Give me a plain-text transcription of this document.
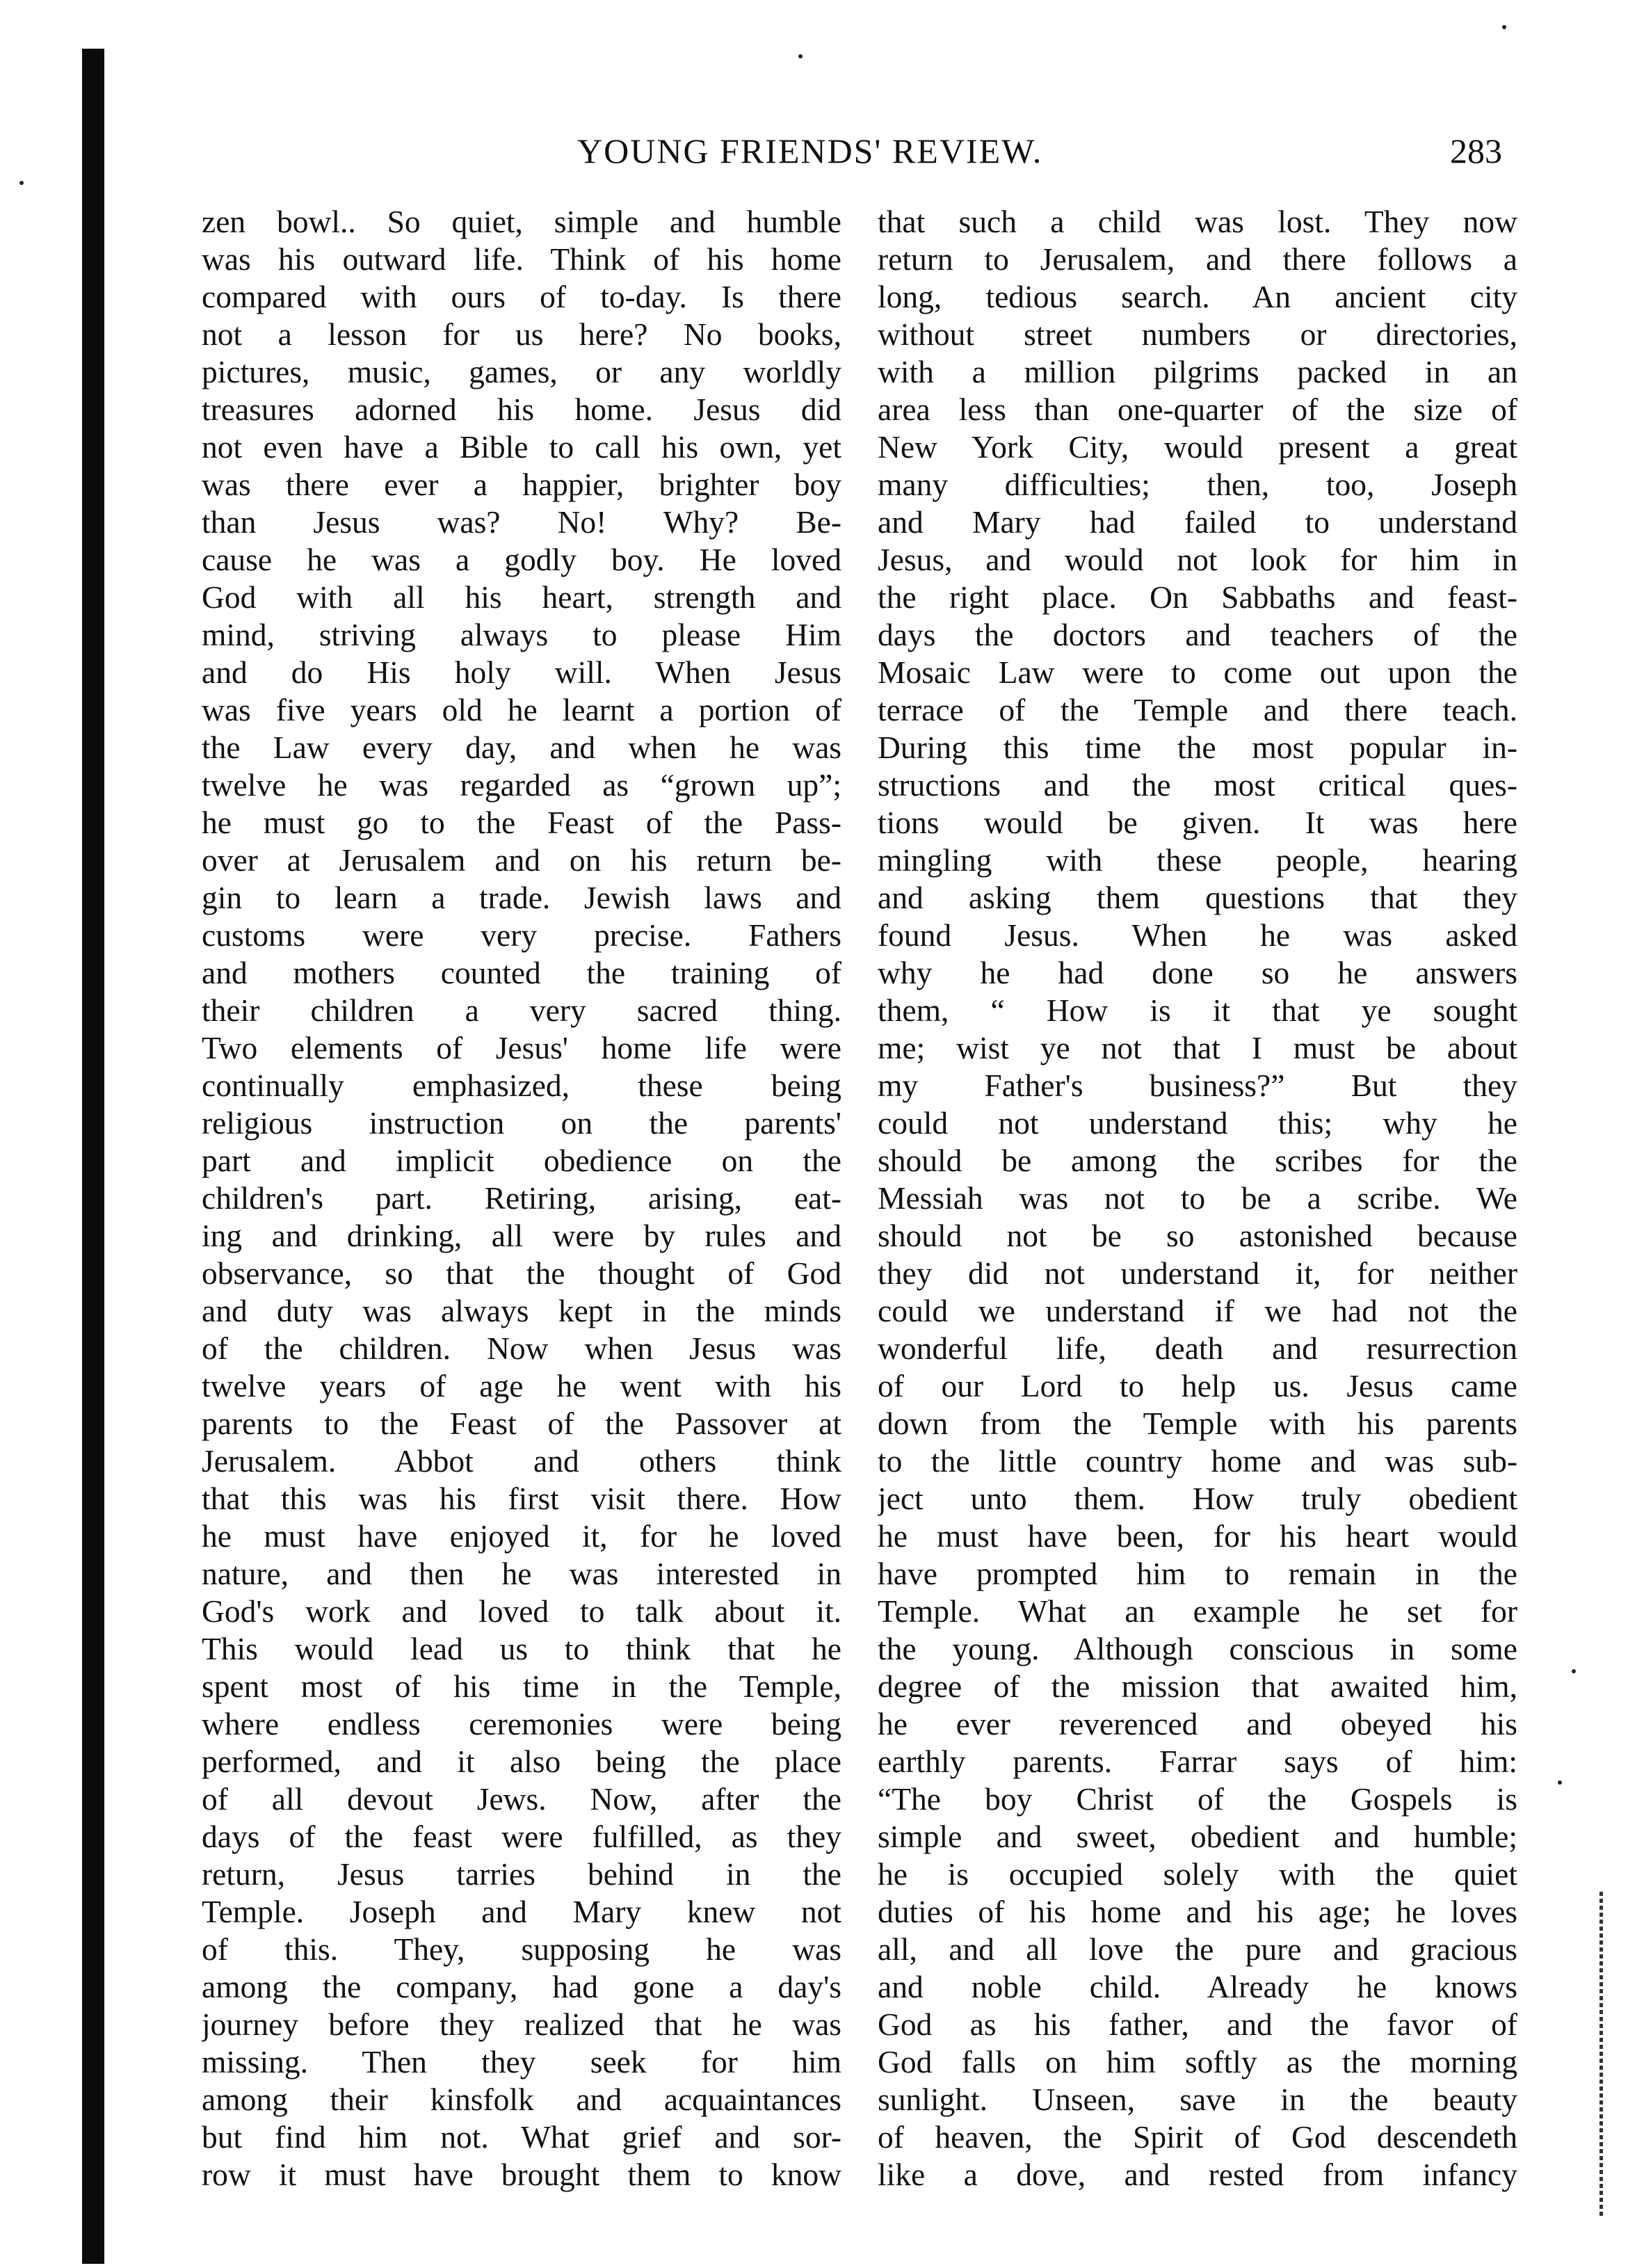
YOUNG FRIENDS' REVIEW.	283
zen bowl.. So quiet, simple and humble
was his outward life. Think of his home
compared with ours of to-day. Is there
not a lesson for us here? No books,
pictures, music, games, or any worldly
treasures adorned his home. Jesus did
not even have a Bible to call his own, yet
was there ever a happier, brighter boy
than Jesus was? No! Why? Be-
cause he was a godly boy. He loved
God with all his heart, strength and
mind, striving always to please Him
and do His holy will. When Jesus
was five years old he learnt a portion of
the Law every day, and when he was
twelve he was regarded as “grown up”;
he must go to the Feast of the Pass-
over at Jerusalem and on his return be-
gin to learn a trade. Jewish laws and
customs were very precise. Fathers
and mothers counted the training of
their children a very sacred thing.
Two elements of Jesus' home life were
continually emphasized, these being
religious instruction on the parents'
part and implicit obedience on the
children's part. Retiring, arising, eat-
ing and drinking, all were by rules and
observance, so that the thought of God
and duty was always kept in the minds
of the children. Now when Jesus was
twelve years of age he went with his
parents to the Feast of the Passover at
Jerusalem. Abbot and others think
that this was his first visit there. How
he must have enjoyed it, for he loved
nature, and then he was interested in
God's work and loved to talk about it.
This would lead us to think that he
spent most of his time in the Temple,
where endless ceremonies were being
performed, and it also being the place
of all devout Jews. Now, after the
days of the feast were fulfilled, as they
return, Jesus tarries behind in the
Temple. Joseph and Mary knew not
of this. They, supposing he was
among the company, had gone a day's
journey before they realized that he was
missing. Then they seek for him
among their kinsfolk and acquaintances
but find him not. What grief and sor-
row it must have brought them to know
that such a child was lost. They now
return to Jerusalem, and there follows a
long, tedious search. An ancient city
without street numbers or directories,
with a million pilgrims packed in an
area less than one-quarter of the size of
New York City, would present a great
many difficulties; then, too, Joseph
and Mary had failed to understand
Jesus, and would not look for him in
the right place. On Sabbaths and feast-
days the doctors and teachers of the
Mosaic Law were to come out upon the
terrace of the Temple and there teach.
During this time the most popular in-
structions and the most critical ques-
tions would be given. It was here
mingling with these people, hearing
and asking them questions that they
found Jesus. When he was asked
why he had done so he answers
them, “ How is it that ye sought
me; wist ye not that I must be about
my Father's business?” But they
could not understand this; why he
should be among the scribes for the
Messiah was not to be a scribe. We
should not be so astonished because
they did not understand it, for neither
could we understand if we had not the
wonderful life, death and resurrection
of our Lord to help us. Jesus came
down from the Temple with his parents
to the little country home and was sub-
ject unto them. How truly obedient
he must have been, for his heart would
have prompted him to remain in the
Temple. What an example he set for
the young. Although conscious in some
degree of the mission that awaited him,
he ever reverenced and obeyed his
earthly parents. Farrar says of him:
“The boy Christ of the Gospels is
simple and sweet, obedient and humble;
he is occupied solely with the quiet
duties of his home and his age; he loves
all, and all love the pure and gracious
and noble child. Already he knows
God as his father, and the favor of
God falls on him softly as the morning
sunlight. Unseen, save in the beauty
of heaven, the Spirit of God descendeth
like a dove, and rested from infancy
